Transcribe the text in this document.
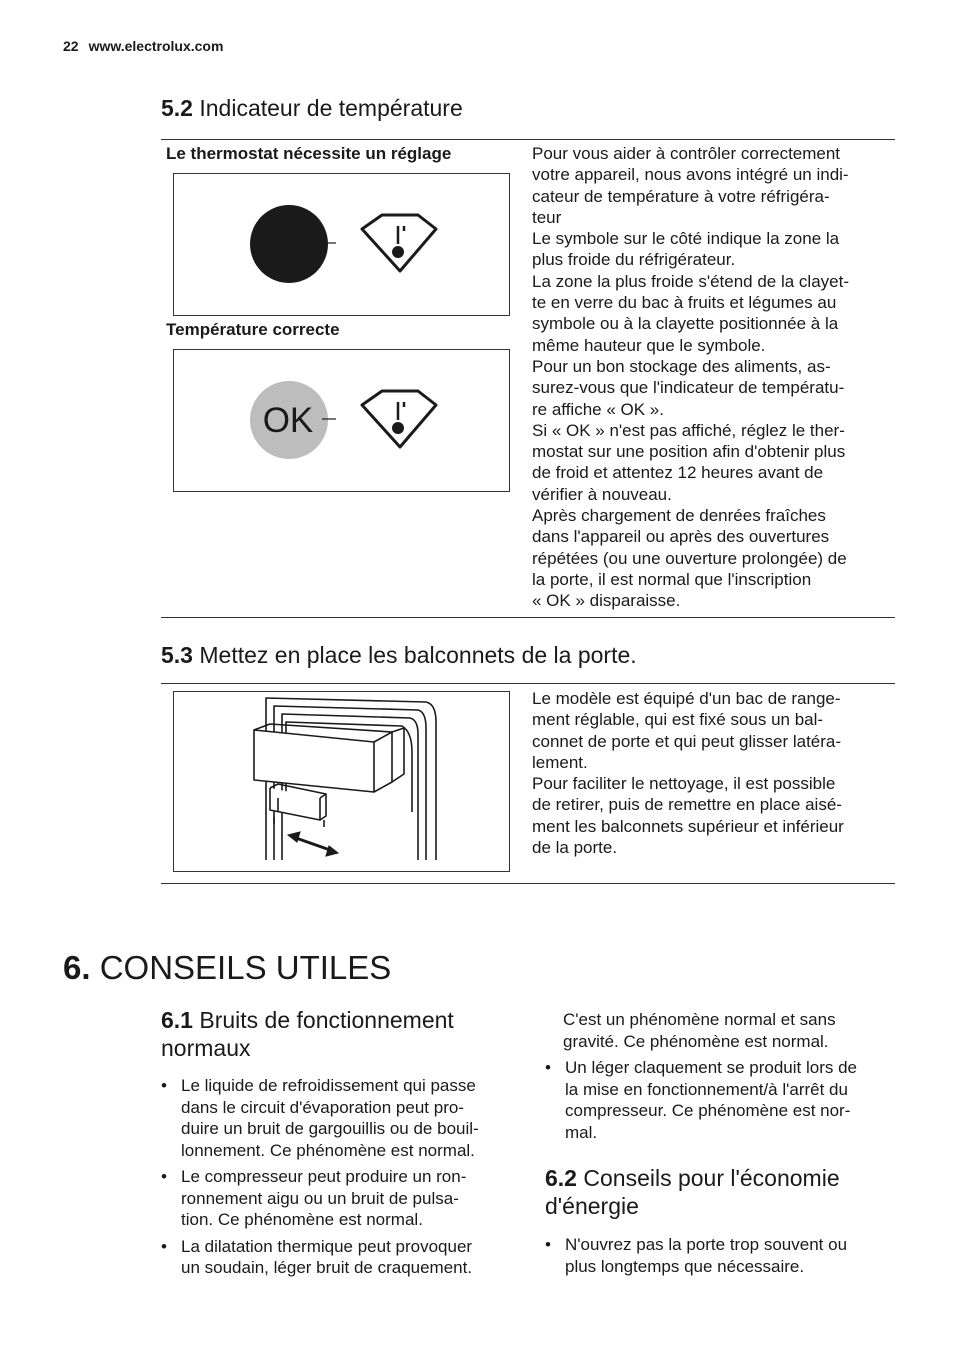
22 www.electrolux.com
5.2 Indicateur de température
Le thermostat nécessite un réglage
Température correcte
OK
Pour vous aider à contrôler correctement
votre appareil, nous avons intégré un indi-
cateur de température à votre réfrigéra-
teur
Le symbole sur le côté indique la zone la
plus froide du réfrigérateur.
La zone la plus froide s'étend de la clayet-
te en verre du bac à fruits et légumes au
symbole ou à la clayette positionnée à la
même hauteur que le symbole.
Pour un bon stockage des aliments, as-
surez-vous que l'indicateur de températu-
re affiche « OK ».
Si « OK » n'est pas affiché, réglez le ther-
mostat sur une position afin d'obtenir plus
de froid et attentez 12 heures avant de
vérifier à nouveau.
Après chargement de denrées fraîches
dans l'appareil ou après des ouvertures
répétées (ou une ouverture prolongée) de
la porte, il est normal que l'inscription
« OK » disparaisse.
5.3 Mettez en place les balconnets de la porte.
Le modèle est équipé d'un bac de range-
ment réglable, qui est fixé sous un bal-
connet de porte et qui peut glisser latéra-
lement.
Pour faciliter le nettoyage, il est possible
de retirer, puis de remettre en place aisé-
ment les balconnets supérieur et inférieur
de la porte.
6. CONSEILS UTILES
6.1 Bruits de fonctionnement
normaux
• Le liquide de refroidissement qui passe
dans le circuit d'évaporation peut pro-
duire un bruit de gargouillis ou de bouil-
lonnement. Ce phénomène est normal.
• Le compresseur peut produire un ron-
ronnement aigu ou un bruit de pulsa-
tion. Ce phénomène est normal.
• La dilatation thermique peut provoquer
un soudain, léger bruit de craquement.
C'est un phénomène normal et sans
gravité. Ce phénomène est normal.
• Un léger claquement se produit lors de
la mise en fonctionnement/à l'arrêt du
compresseur. Ce phénomène est nor-
mal.
6.2 Conseils pour l'économie
d'énergie
• N'ouvrez pas la porte trop souvent ou
plus longtemps que nécessaire.
